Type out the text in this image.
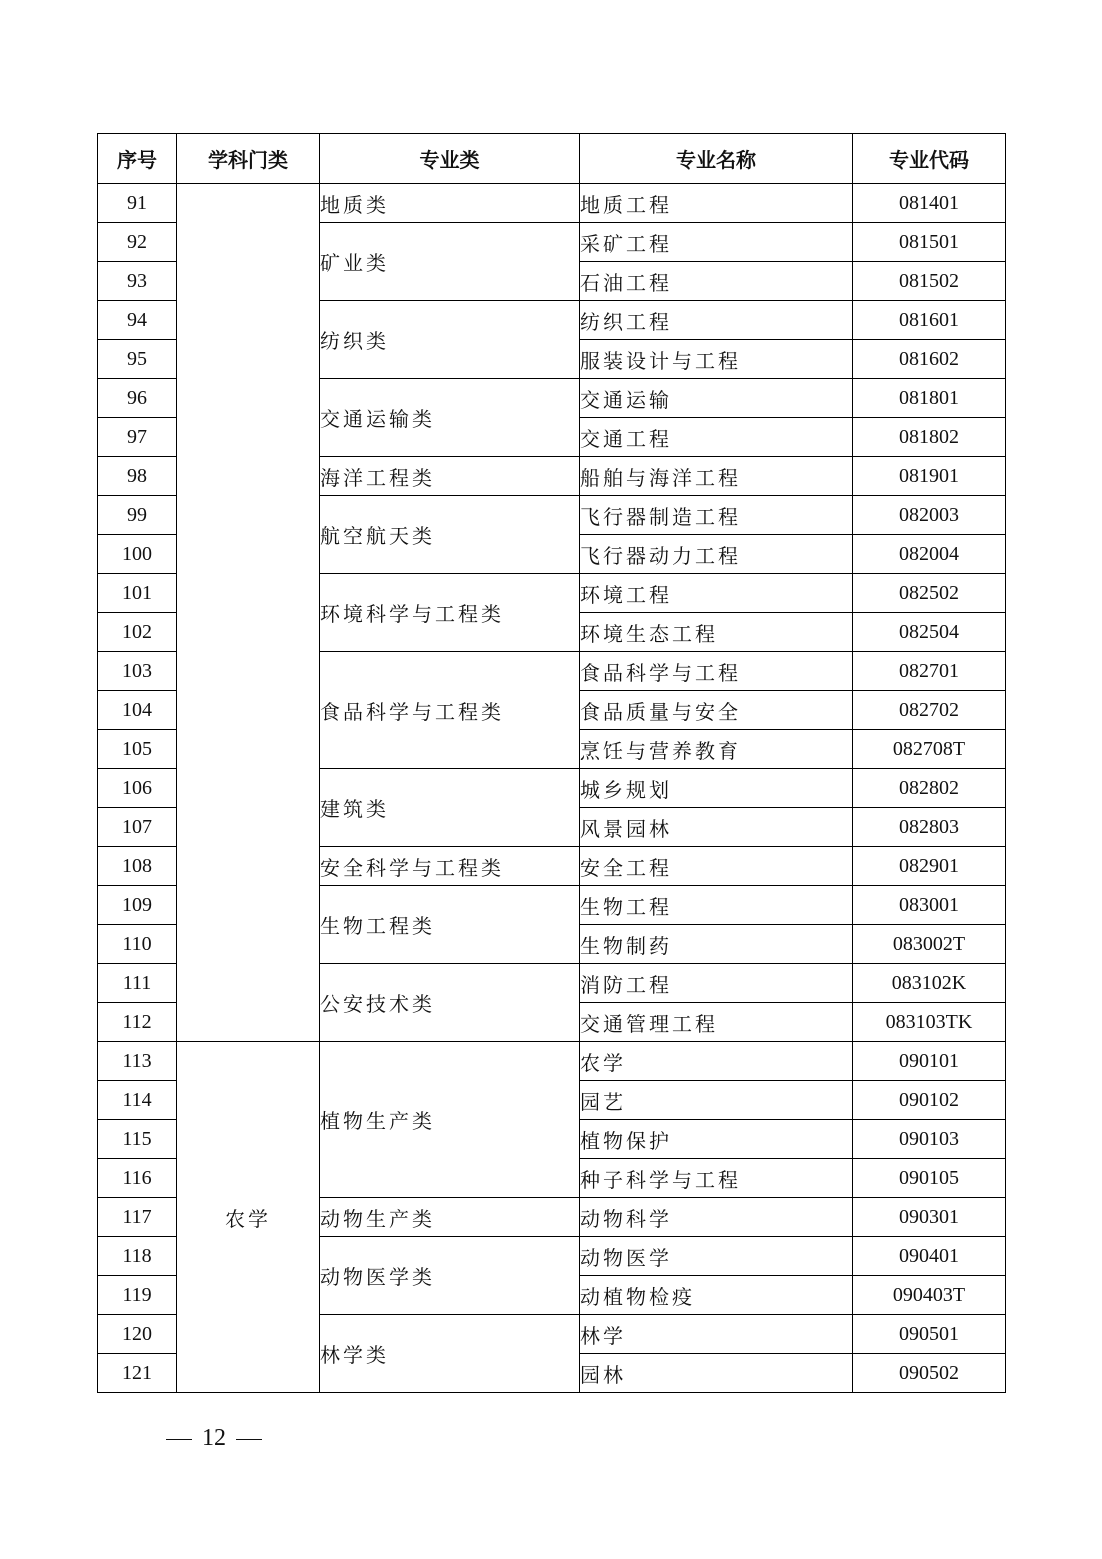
序号	学科门类	专业类	专业名称	专业代码
91		地质类	地质工程	081401
92		矿业类	采矿工程	081501
93			石油工程	081502
94		纺织类	纺织工程	081601
95			服装设计与工程	081602
96		交通运输类	交通运输	081801
97			交通工程	081802
98		海洋工程类	船舶与海洋工程	081901
99		航空航天类	飞行器制造工程	082003
100			飞行器动力工程	082004
101		环境科学与工程类	环境工程	082502
102			环境生态工程	082504
103		食品科学与工程类	食品科学与工程	082701
104			食品质量与安全	082702
105			烹饪与营养教育	082708T
106		建筑类	城乡规划	082802
107			风景园林	082803
108		安全科学与工程类	安全工程	082901
109		生物工程类	生物工程	083001
110			生物制药	083002T
111		公安技术类	消防工程	083102K
112			交通管理工程	083103TK
113	农学	植物生产类	农学	090101
114			园艺	090102
115			植物保护	090103
116			种子科学与工程	090105
117		动物生产类	动物科学	090301
118		动物医学类	动物医学	090401
119			动植物检疫	090403T
120		林学类	林学	090501
121			园林	090502
12
